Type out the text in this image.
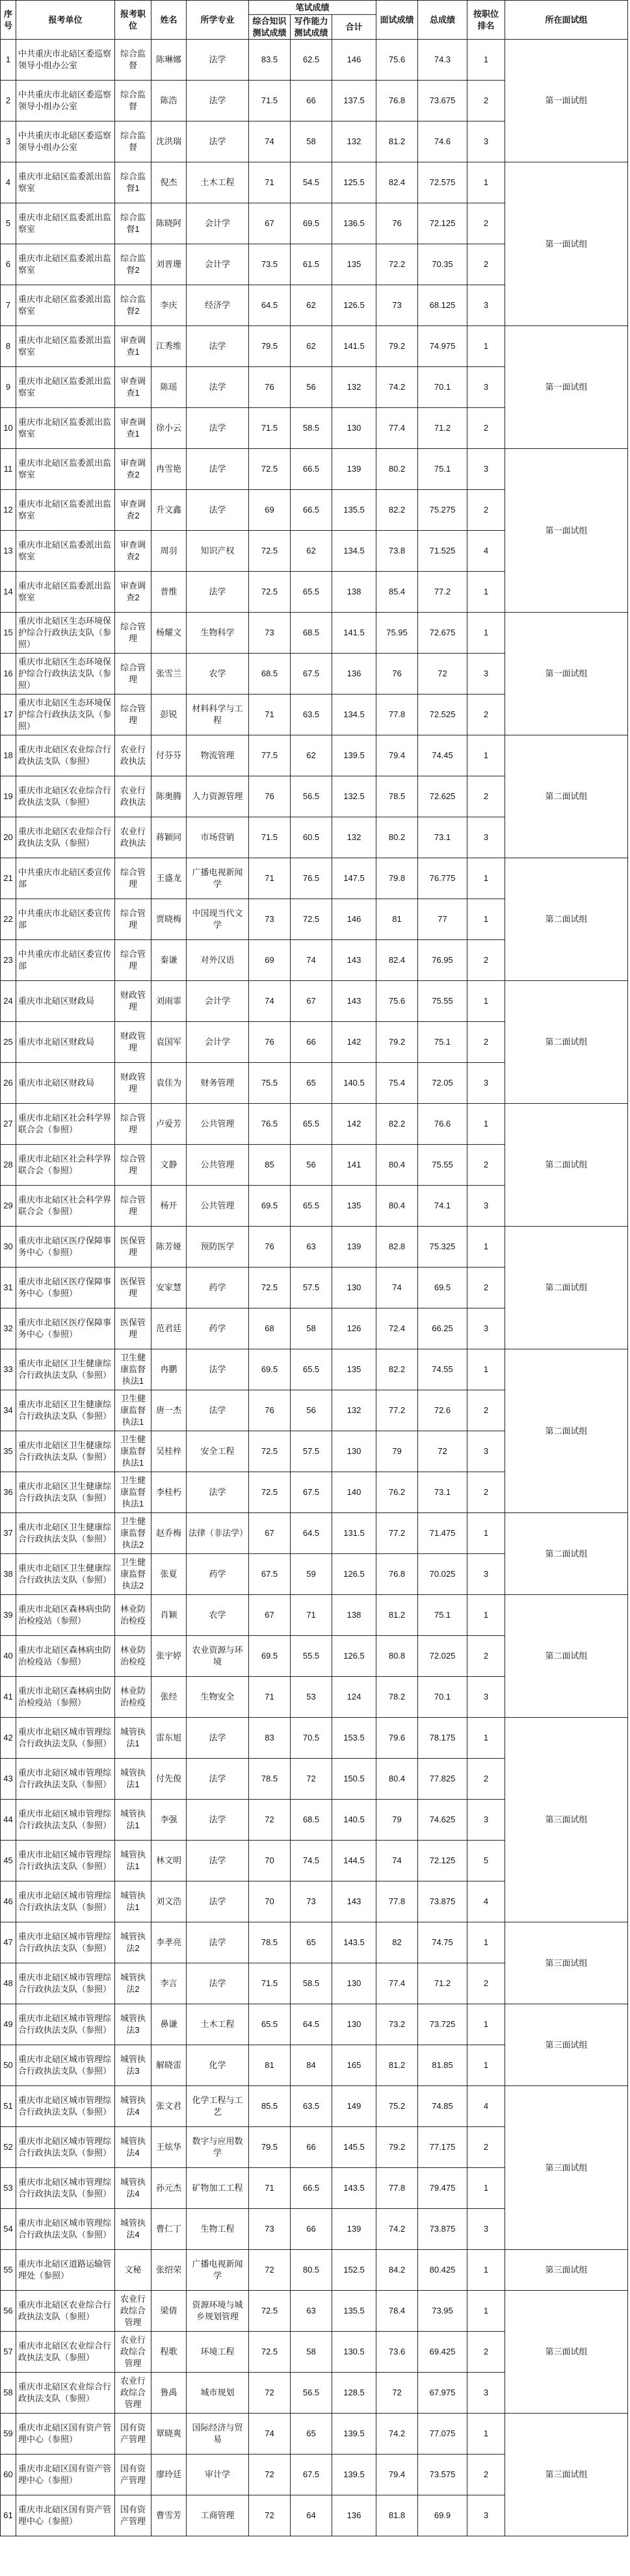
序号	报考单位	报考职位	姓名	所学专业	笔试成绩			面试成绩	总成绩	按职位排名	所在面试组
					综合知识测试成绩	写作能力测试成绩	合计				
1	中共重庆市北碚区委巡察领导小组办公室	综合监督	陈琳娜	法学	83.5	62.5	146	75.6	74.3	1	第一面试组
2	中共重庆市北碚区委巡察领导小组办公室	综合监督	陈浩	法学	71.5	66	137.5	76.8	73.675	2	
3	中共重庆市北碚区委巡察领导小组办公室	综合监督	沈洪瑞	法学	74	58	132	81.2	74.6	3	
4	重庆市北碚区监委派出监察室	综合监督1	倪杰	土木工程	71	54.5	125.5	82.4	72.575	1	第一面试组
5	重庆市北碚区监委派出监察室	综合监督1	陈晓阿	会计学	67	69.5	136.5	76	72.125	2	
6	重庆市北碚区监委派出监察室	综合监督2	刘晋珊	会计学	73.5	61.5	135	72.2	70.35	2	
7	重庆市北碚区监委派出监察室	综合监督2	李庆	经济学	64.5	62	126.5	73	68.125	3	
8	重庆市北碚区监委派出监察室	审查调查1	江秀维	法学	79.5	62	141.5	79.2	74.975	1	第一面试组
9	重庆市北碚区监委派出监察室	审查调查1	陈瑶	法学	76	56	132	74.2	70.1	3	
10	重庆市北碚区监委派出监察室	审查调查1	徐小云	法学	71.5	58.5	130	77.4	71.2	2	
11	重庆市北碚区监委派出监察室	审查调查2	冉雪艳	法学	72.5	66.5	139	80.2	75.1	3	第一面试组
12	重庆市北碚区监委派出监察室	审查调查2	升文鑫	法学	69	66.5	135.5	82.2	75.275	2	
13	重庆市北碚区监委派出监察室	审查调查2	周羽	知识产权	72.5	62	134.5	73.8	71.525	4	
14	重庆市北碚区监委派出监察室	审查调查2	普维	法学	72.5	65.5	138	85.4	77.2	1	
15	重庆市北碚区生态环境保护综合行政执法支队（参照）	综合管理	杨耀文	生物科学	73	68.5	141.5	75.95	72.675	1	第一面试组
16	重庆市北碚区生态环境保护综合行政执法支队（参照）	综合管理	张雪兰	农学	68.5	67.5	136	76	72	3	
17	重庆市北碚区生态环境保护综合行政执法支队（参照）	综合管理	彭锐	材料科学与工程	71	63.5	134.5	77.8	72.525	2	
18	重庆市北碚区农业综合行政执法支队（参照）	农业行政执法	付芬芬	物流管理	77.5	62	139.5	79.4	74.45	1	第二面试组
19	重庆市北碚区农业综合行政执法支队（参照）	农业行政执法	陈奥腾	人力资源管理	76	56.5	132.5	78.5	72.625	2	
20	重庆市北碚区农业综合行政执法支队（参照）	农业行政执法	蒋颖同	市场营销	71.5	60.5	132	80.2	73.1	3	
21	中共重庆市北碚区委宣传部	综合管理	王盛龙	广播电视新闻学	71	76.5	147.5	79.8	76.775	1	第二面试组
22	中共重庆市北碚区委宣传部	综合管理	贾晓梅	中国现当代文学	73	72.5	146	81	77	1	
23	中共重庆市北碚区委宣传部	综合管理	秦谦	对外汉语	69	74	143	82.4	76.95	2	
24	重庆市北碚区财政局	财政管理	刘雨霏	会计学	74	67	143	75.6	75.55	1	第二面试组
25	重庆市北碚区财政局	财政管理	袁国军	会计学	76	66	142	79.2	75.1	2	
26	重庆市北碚区财政局	财政管理	袁佳为	财务管理	75.5	65	140.5	75.4	72.05	3	
27	重庆市北碚区社会科学界联合会（参照）	综合管理	卢爱芳	公共管理	76.5	65.5	142	82.2	76.6	1	第二面试组
28	重庆市北碚区社会科学界联合会（参照）	综合管理	文静	公共管理	85	56	141	80.4	75.55	2	
29	重庆市北碚区社会科学界联合会（参照）	综合管理	杨开	公共管理	69.5	65.5	135	80.4	74.1	3	
30	重庆市北碚区医疗保障事务中心（参照）	医保管理	陈芳娅	预防医学	76	63	139	82.8	75.325	1	第二面试组
31	重庆市北碚区医疗保障事务中心（参照）	医保管理	安家慧	药学	72.5	57.5	130	74	69.5	2	
32	重庆市北碚区医疗保障事务中心（参照）	医保管理	范君廷	药学	68	58	126	72.4	66.25	3	
33	重庆市北碚区卫生健康综合行政执法支队（参照）	卫生健康监督执法1	冉鹏	法学	69.5	65.5	135	82.2	74.55	1	第二面试组
34	重庆市北碚区卫生健康综合行政执法支队（参照）	卫生健康监督执法1	唐一杰	法学	76	56	132	77.2	72.6	2	
35	重庆市北碚区卫生健康综合行政执法支队（参照）	卫生健康监督执法1	吴桂梓	安全工程	72.5	57.5	130	79	72	3	
36	重庆市北碚区卫生健康综合行政执法支队（参照）	卫生健康监督执法1	李桂朽	法学	72.5	67.5	140	76.2	73.1	2	
37	重庆市北碚区卫生健康综合行政执法支队（参照）	卫生健康监督执法2	赵乔梅	法律（非法学）	67	64.5	131.5	77.2	71.475	1	第二面试组
38	重庆市北碚区卫生健康综合行政执法支队（参照）	卫生健康监督执法2	张夏	药学	67.5	59	126.5	76.8	70.025	3	
39	重庆市北碚区森林病虫防治检疫站（参照）	林业防治检疫	肖颖	农学	67	71	138	81.2	75.1	1	第二面试组
40	重庆市北碚区森林病虫防治检疫站（参照）	林业防治检疫	张宇婷	农业资源与环境	69.5	55.5	126.5	80.8	72.025	2	
41	重庆市北碚区森林病虫防治检疫站（参照）	林业防治检疫	张经	生物安全	71	53	124	78.2	70.1	3	
42	重庆市北碚区城市管理综合行政执法支队（参照）	城管执法1	雷东旭	法学	83	70.5	153.5	79.6	78.175	1	第三面试组
43	重庆市北碚区城市管理综合行政执法支队（参照）	城管执法1	付先俊	法学	78.5	72	150.5	80.4	77.825	2	
44	重庆市北碚区城市管理综合行政执法支队（参照）	城管执法1	李强	法学	72	68.5	140.5	79	74.625	3	
45	重庆市北碚区城市管理综合行政执法支队（参照）	城管执法1	林文明	法学	70	74.5	144.5	74	72.125	5	
46	重庆市北碚区城市管理综合行政执法支队（参照）	城管执法1	刘文浩	法学	70	73	143	77.8	73.875	4	
47	重庆市北碚区城市管理综合行政执法支队（参照）	城管执法2	李孝亮	法学	78.5	65	143.5	82	74.75	1	第三面试组
48	重庆市北碚区城市管理综合行政执法支队（参照）	城管执法2	李言	法学	71.5	58.5	130	77.4	71.2	2	
49	重庆市北碚区城市管理综合行政执法支队（参照）	城管执法3	鼻谦	土木工程	65.5	64.5	130	73.2	73.725	1	第三面试组
50	重庆市北碚区城市管理综合行政执法支队（参照）	城管执法3	解晓雷	化学	81	84	165	81.2	81.85	1	
51	重庆市北碚区城市管理综合行政执法支队（参照）	城管执法4	张文君	化学工程与工艺	85.5	63.5	149	75.2	74.85	4	第三面试组
52	重庆市北碚区城市管理综合行政执法支队（参照）	城管执法4	王炫华	数字与应用数学	79.5	66	145.5	79.2	77.175	2	
53	重庆市北碚区城市管理综合行政执法支队（参照）	城管执法4	孙元杰	矿物加工工程	71	66.5	143.5	77.8	79.475	1	
54	重庆市北碚区城市管理综合行政执法支队（参照）	城管执法4	曹仁丁	生物工程	73	66	139	74.2	73.875	3	
55	重庆市北碚区道路运输管理处（参照）	文秘	张绍荣	广播电视新闻学	72	80.5	152.5	84.2	80.425	1	第三面试组
56	重庆市北碚区农业综合行政执法支队（参照）	农业行政综合管理	梁倩	资源环境与城乡规划管理	72.5	63	135.5	78.4	73.95	1	第三面试组
57	重庆市北碚区农业综合行政执法支队（参照）	农业行政综合管理	程歌	环境工程	72.5	58	130.5	73.6	69.425	2	
58	重庆市北碚区农业综合行政执法支队（参照）	农业行政综合管理	鲁禹	城市规划	72	56.5	128.5	72	67.975	3	
59	重庆市北碚区国有资产管理中心（参照）	国有资产管理	覃晓爽	国际经济与贸易	74	65	139.5	74.2	77.075	1	第三面试组
60	重庆市北碚区国有资产管理中心（参照）	国有资产管理	廖玲廷	审计学	72	67.5	139.5	79.4	73.575	2	
61	重庆市北碚区国有资产管理中心（参照）	国有资产管理	曹雪芳	工商管理	72	64	136	81.8	69.9	3	
